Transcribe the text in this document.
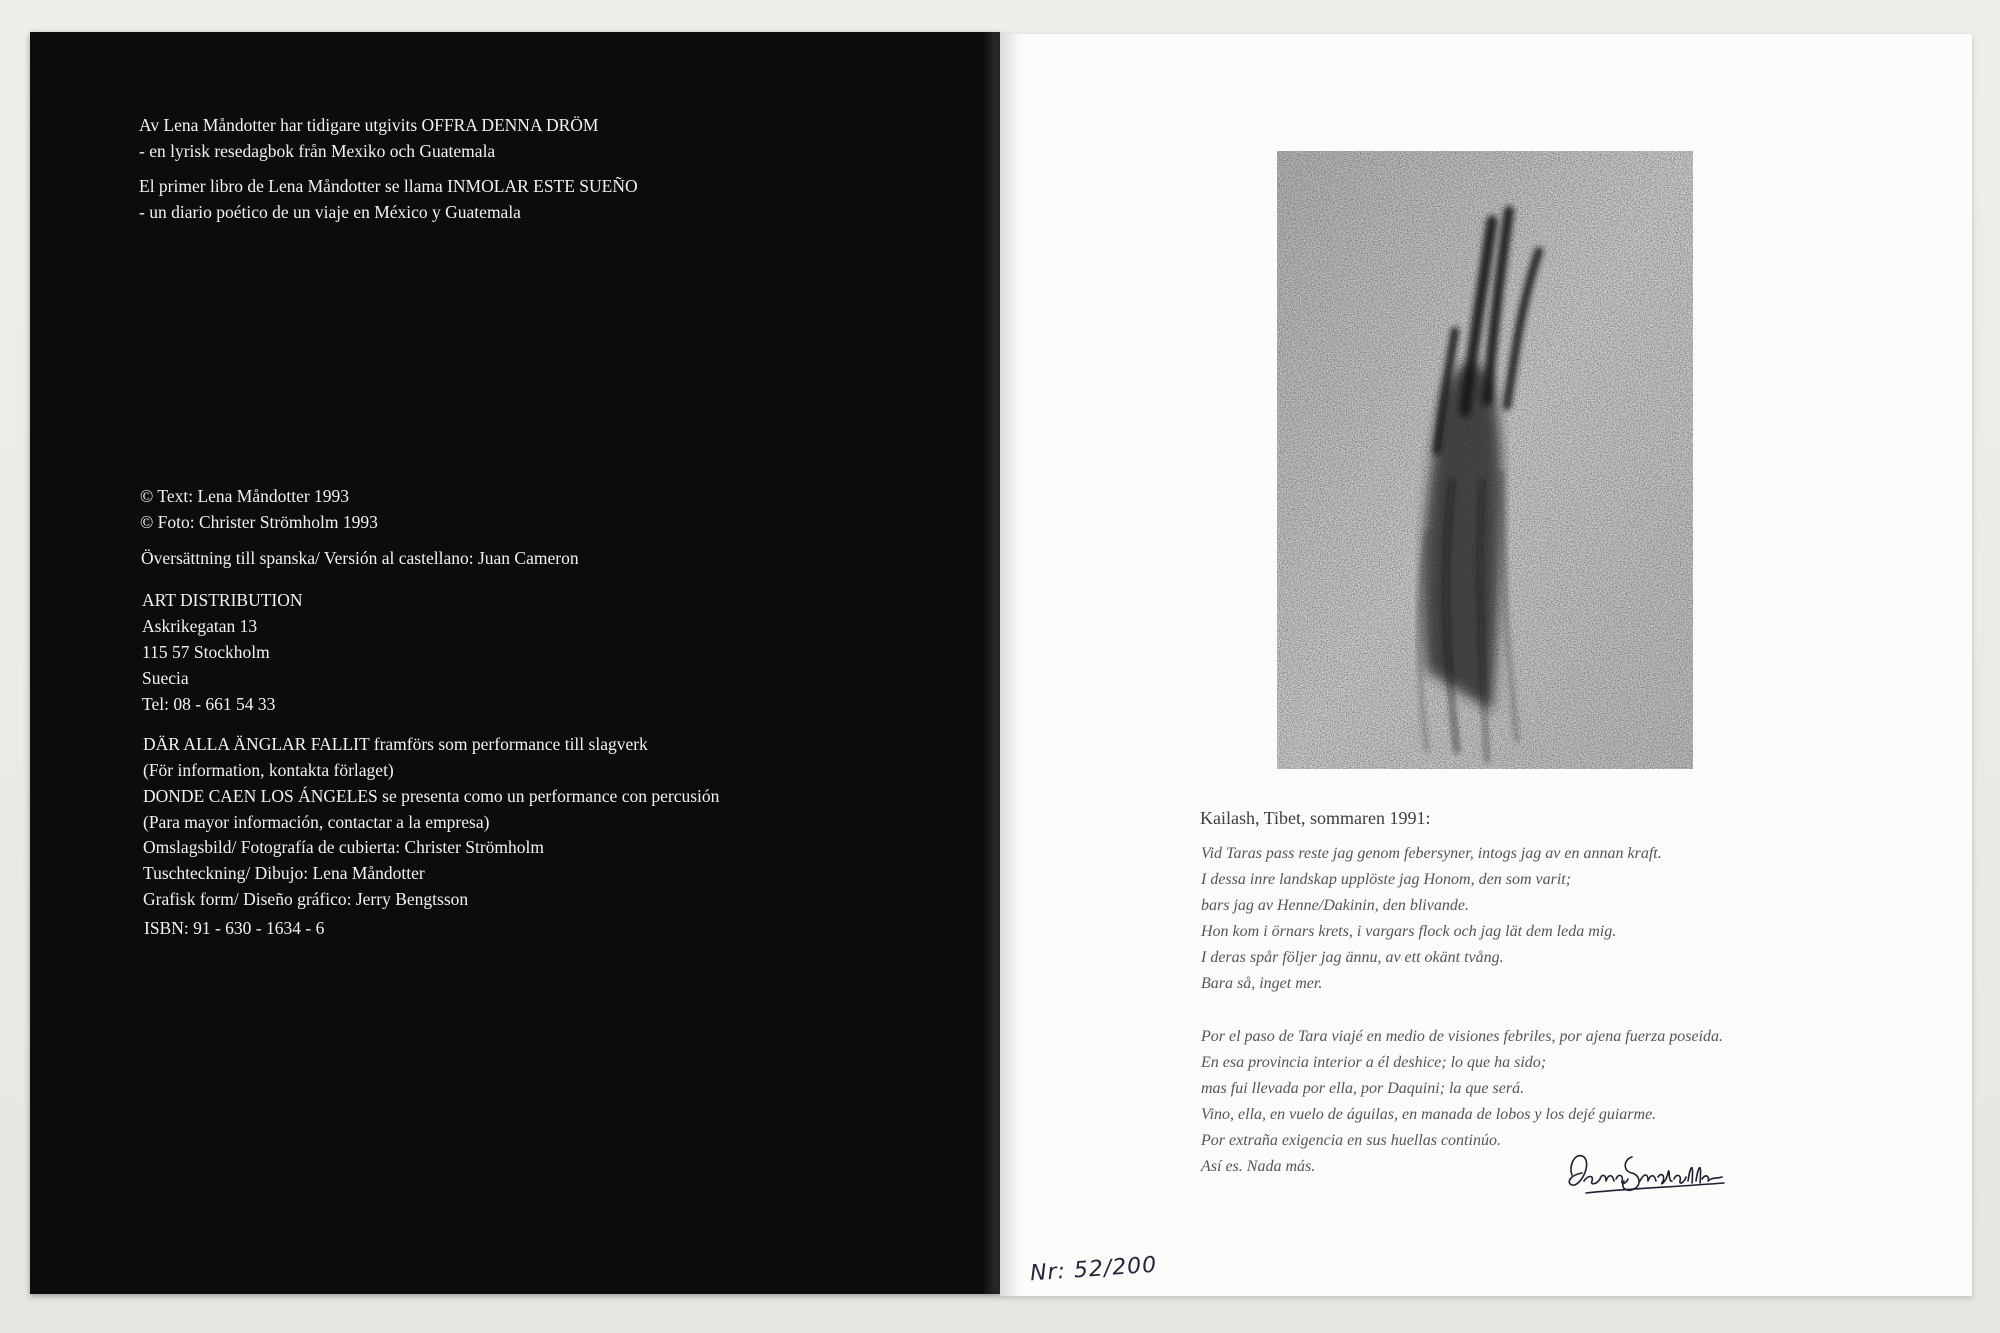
Av Lena Måndotter har tidigare utgivits OFFRA DENNA DRÖM
- en lyrisk resedagbok från Mexiko och Guatemala
El primer libro de Lena Måndotter se llama INMOLAR ESTE SUEÑO
- un diario poético de un viaje en México y Guatemala
© Text: Lena Måndotter 1993
© Foto: Christer Strömholm 1993
Översättning till spanska/ Versión al castellano: Juan Cameron
ART DISTRIBUTION
Askrikegatan 13
115 57 Stockholm
Suecia
Tel: 08 - 661 54 33
DÄR ALLA ÄNGLAR FALLIT framförs som performance till slagverk
(För information, kontakta förlaget)
DONDE CAEN LOS ÁNGELES se presenta como un performance con percusión
(Para mayor información, contactar a la empresa)
Omslagsbild/ Fotografía de cubierta: Christer Strömholm
Tuschteckning/ Dibujo: Lena Måndotter
Grafisk form/ Diseño gráfico: Jerry Bengtsson
ISBN: 91 - 630 - 1634 - 6
Kailash, Tibet, sommaren 1991:
Vid Taras pass reste jag genom febersyner, intogs jag av en annan kraft.
I dessa inre landskap upplöste jag Honom, den som varit;
bars jag av Henne/Dakinin, den blivande.
Hon kom i örnars krets, i vargars flock och jag lät dem leda mig.
I deras spår följer jag ännu, av ett okänt tvång.
Bara så, inget mer.
Por el paso de Tara viajé en medio de visiones febriles, por ajena fuerza poseida.
En esa provincia interior a él deshice; lo que ha sido;
mas fui llevada por ella, por Daquini; la que será.
Vino, ella, en vuelo de águilas, en manada de lobos y los dejé guiarme.
Por extraña exigencia en sus huellas continúo.
Así es. Nada más.
Nr: 52/200
